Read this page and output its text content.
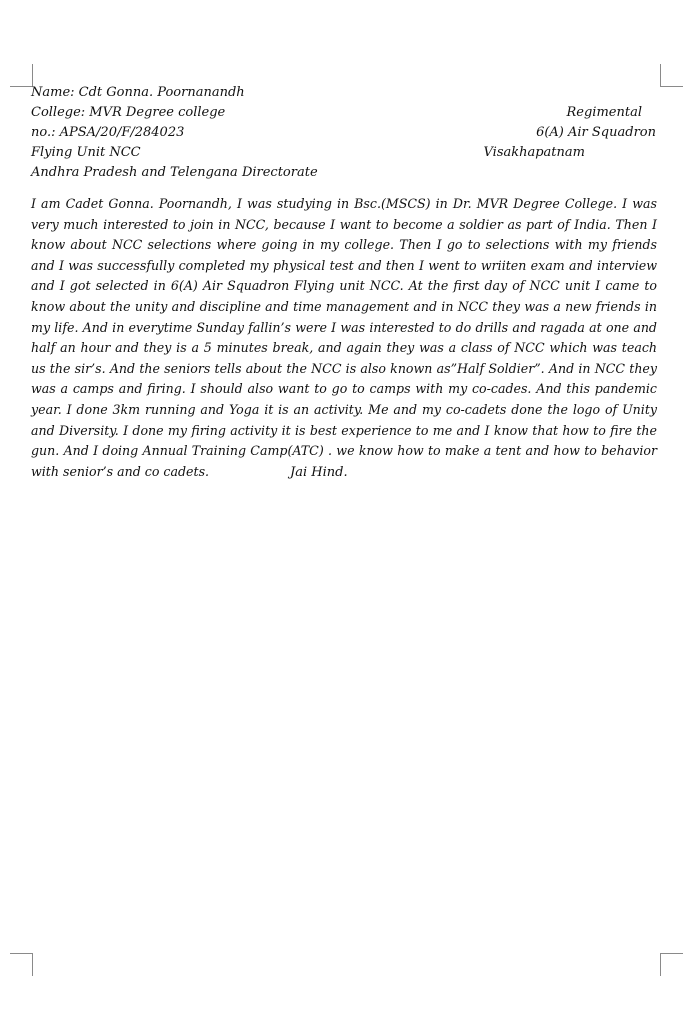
Name: Cdt Gonna. Poornanandh
College: MVR Degree college	Regimental
no.: APSA/20/F/284023	6(A) Air Squadron
Flying Unit NCC	Visakhapatnam
Andhra Pradesh and Telengana Directorate
I am Cadet Gonna. Poornandh, I was studying in Bsc.(MSCS) in Dr. MVR Degree College. I was very much interested to join in NCC, because I want to become a soldier as part of India. Then I know about NCC selections where going in my college. Then I go to selections with my friends and I was successfully completed my physical test and then I went to wriiten exam and interview and I got selected in 6(A) Air Squadron Flying unit NCC. At the first day of NCC unit I came to know about the unity and discipline and time management and in NCC they was a new friends in my life. And in everytime Sunday fallin’s were I was interested to do drills and ragada at one and half an hour and they is a 5 minutes break, and again they was a class of NCC which was teach us the sir’s. And the seniors tells about the NCC is also known as”Half Soldier”. And in NCC they was a camps and firing. I should also want to go to camps with my co-cades. And this pandemic year. I done 3km running and Yoga it is an activity. Me and my co-cadets done the logo of Unity and Diversity. I done my firing activity it is best experience to me and I know that how to fire the gun. And I doing Annual Training Camp(ATC) . we know how to make a tent and how to behavior with senior’s and co cadets.	Jai Hind.
